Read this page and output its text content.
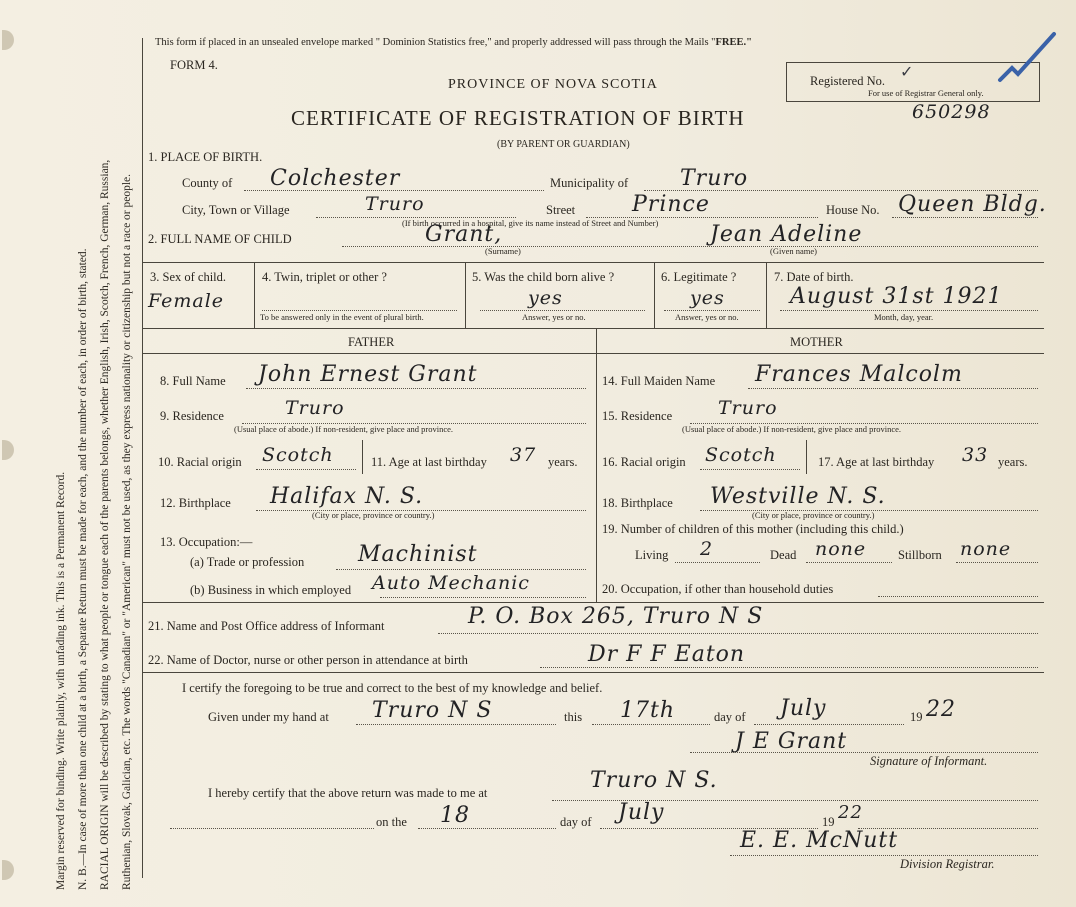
Margin reserved for binding. Write plainly, with unfading ink. This is a Permanent Record. N. B.—In case of more than one child at a birth, a Separate Return must be made for each, and the number of each, in order of birth, stated. RACIAL ORIGIN will be described by stating to what people or tongue each of the parents belongs, whether English, Irish, Scotch, French, German, Russian, Ruthenian, Slovak, Galician, etc. The words "Canadian" or "American" must not be used, as they express nationality or citizenship but not a race or people.
This form if placed in an unsealed envelope marked " Dominion Statistics free," and properly addressed will pass through the Mails "FREE."
FORM 4.
PROVINCE OF NOVA SCOTIA
CERTIFICATE OF REGISTRATION OF BIRTH
(BY PARENT OR GUARDIAN)
Registered No.
For use of Registrar General only.
650298
✓
1. PLACE OF BIRTH.
County of Colchester	Municipality of Truro
City, Town or Village	Truro	Street	Prince
(If birth occurred in a hospital, give its name instead of Street and Number)
House No. Queen Bldg.
2. FULL NAME OF CHILD	Grant,
(Surname)
Jean Adeline
(Given name)
3. Sex of child.
Female
4. Twin, triplet or other ?
To be answered only in the event of plural birth.
5. Was the child born alive ?
yes
Answer, yes or no.
6. Legitimate ?
yes
Answer, yes or no.
7. Date of birth.
August 31st 1921
Month, day, year.
FATHER	MOTHER
8. Full Name John Ernest Grant
9. Residence	Truro
(Usual place of abode.) If non-resident, give place and province.
10. Racial origin Scotch	11. Age at last birthday 37 years.
12. Birthplace Halifax N. S.
(City or place, province or country.)
13. Occupation:—
(a) Trade or profession Machinist
(b) Business in which employed Auto Mechanic
14. Full Maiden Name Frances Malcolm
15. Residence Truro
(Usual place of abode.) If non-resident, give place and province.
16. Racial origin Scotch	17. Age at last birthday 33 years.
18. Birthplace Westville N. S.
(City or place, province or country.)
19. Number of children of this mother (including this child.)
Living 2	Dead none	Stillborn none
20. Occupation, if other than household duties
21. Name and Post Office address of Informant	P. O. Box 265, Truro N S
22. Name of Doctor, nurse or other person in attendance at birth	Dr F F Eaton
I certify the foregoing to be true and correct to the best of my knowledge and belief.
Given under my hand at Truro N S	this 17th	day of July	19 22
J E Grant
Signature of Informant.
I hereby certify that the above return was made to me at	Truro N S.
on the 18	day of July	19 22
E. E. McNutt
Division Registrar.
